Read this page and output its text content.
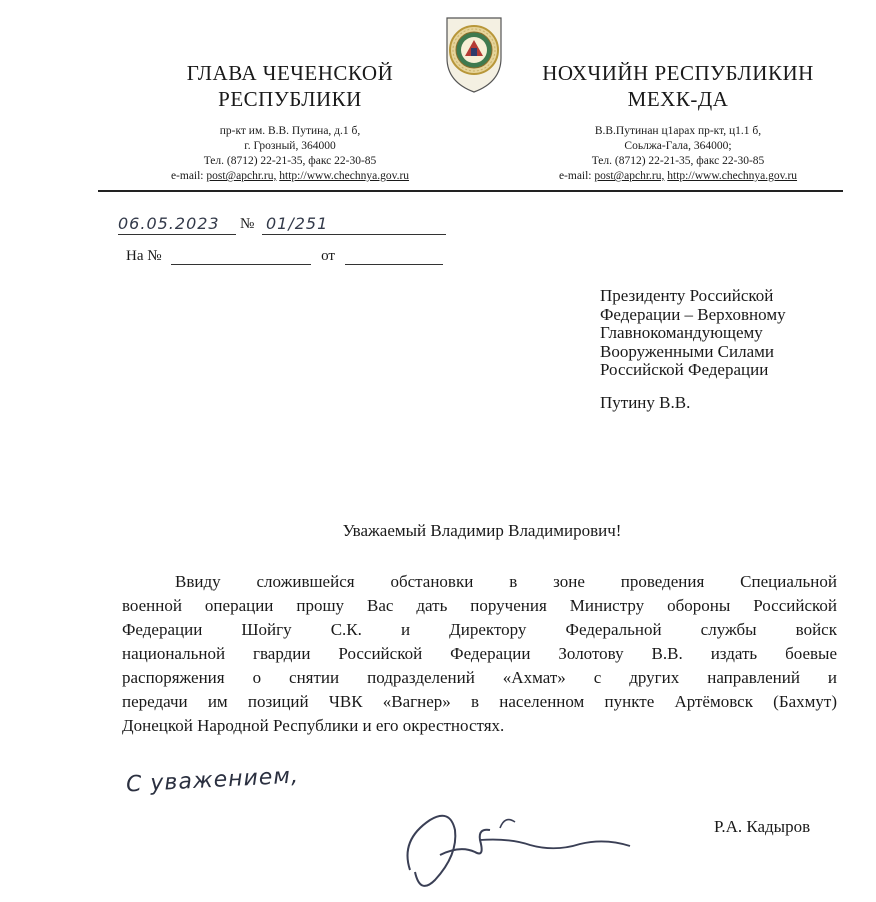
ГЛАВА ЧЕЧЕНСКОЙ
РЕСПУБЛИКИ
пр-кт им. В.В. Путина, д.1 б,
г. Грозный, 364000
Тел. (8712) 22-21-35, факс 22-30-85
e-mail: post@apchr.ru, http://www.chechnya.gov.ru
НОХЧИЙН РЕСПУБЛИКИН
МЕХК-ДА
В.В.Путинан ц1арах пр-кт, ц1.1 б,
Соьлжа-Гала, 364000;
Тел. (8712) 22-21-35, факс 22-30-85
e-mail: post@apchr.ru, http://www.chechnya.gov.ru
06.05.2023 № 01/251
На №	от
Президенту Российской
Федерации – Верховному
Главнокомандующему
Вооруженными Силами
Российской Федерации
Путину В.В.
Уважаемый Владимир Владимирович!
Ввиду сложившейся обстановки в зоне проведения Специальной
военной операции прошу Вас дать поручения Министру обороны Российской
Федерации Шойгу С.К. и Директору Федеральной службы войск
национальной гвардии Российской Федерации Золотову В.В. издать боевые
распоряжения о снятии подразделений «Ахмат» с других направлений и
передачи им позиций ЧВК «Вагнер» в населенном пункте Артёмовск (Бахмут)
Донецкой Народной Республики и его окрестностях.
С уважением,
Р.А. Кадыров
